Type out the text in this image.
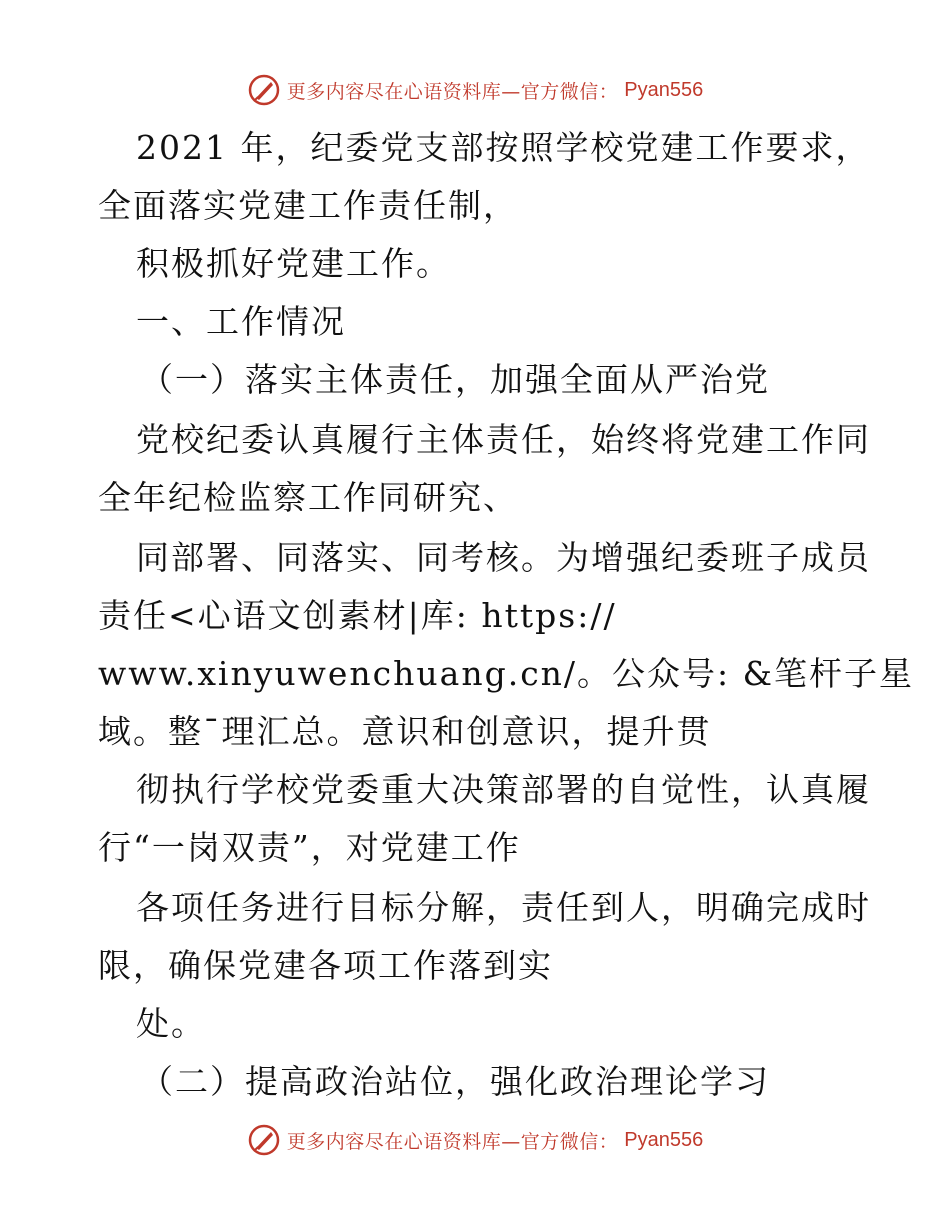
更多内容尽在心语资料库—官方微信： Pyan556
2021 年，纪委党支部按照学校党建工作要求，
全面落实党建工作责任制，
积极抓好党建工作。
一、工作情况
（一）落实主体责任，加强全面从严治党
党校纪委认真履行主体责任，始终将党建工作同
全年纪检监察工作同研究、
同部署、同落实、同考核。为增强纪委班子成员
责任<心语文创素材|库: https://
www.xinyuwenchuang.cn/。公众号: &笔杆子星
域。整¯理汇总。意识和创意识，提升贯
彻执行学校党委重大决策部署的自觉性，认真履
行“一岗双责”，对党建工作
各项任务进行目标分解，责任到人，明确完成时
限，确保党建各项工作落到实
处。
（二）提高政治站位，强化政治理论学习
更多内容尽在心语资料库—官方微信： Pyan556
